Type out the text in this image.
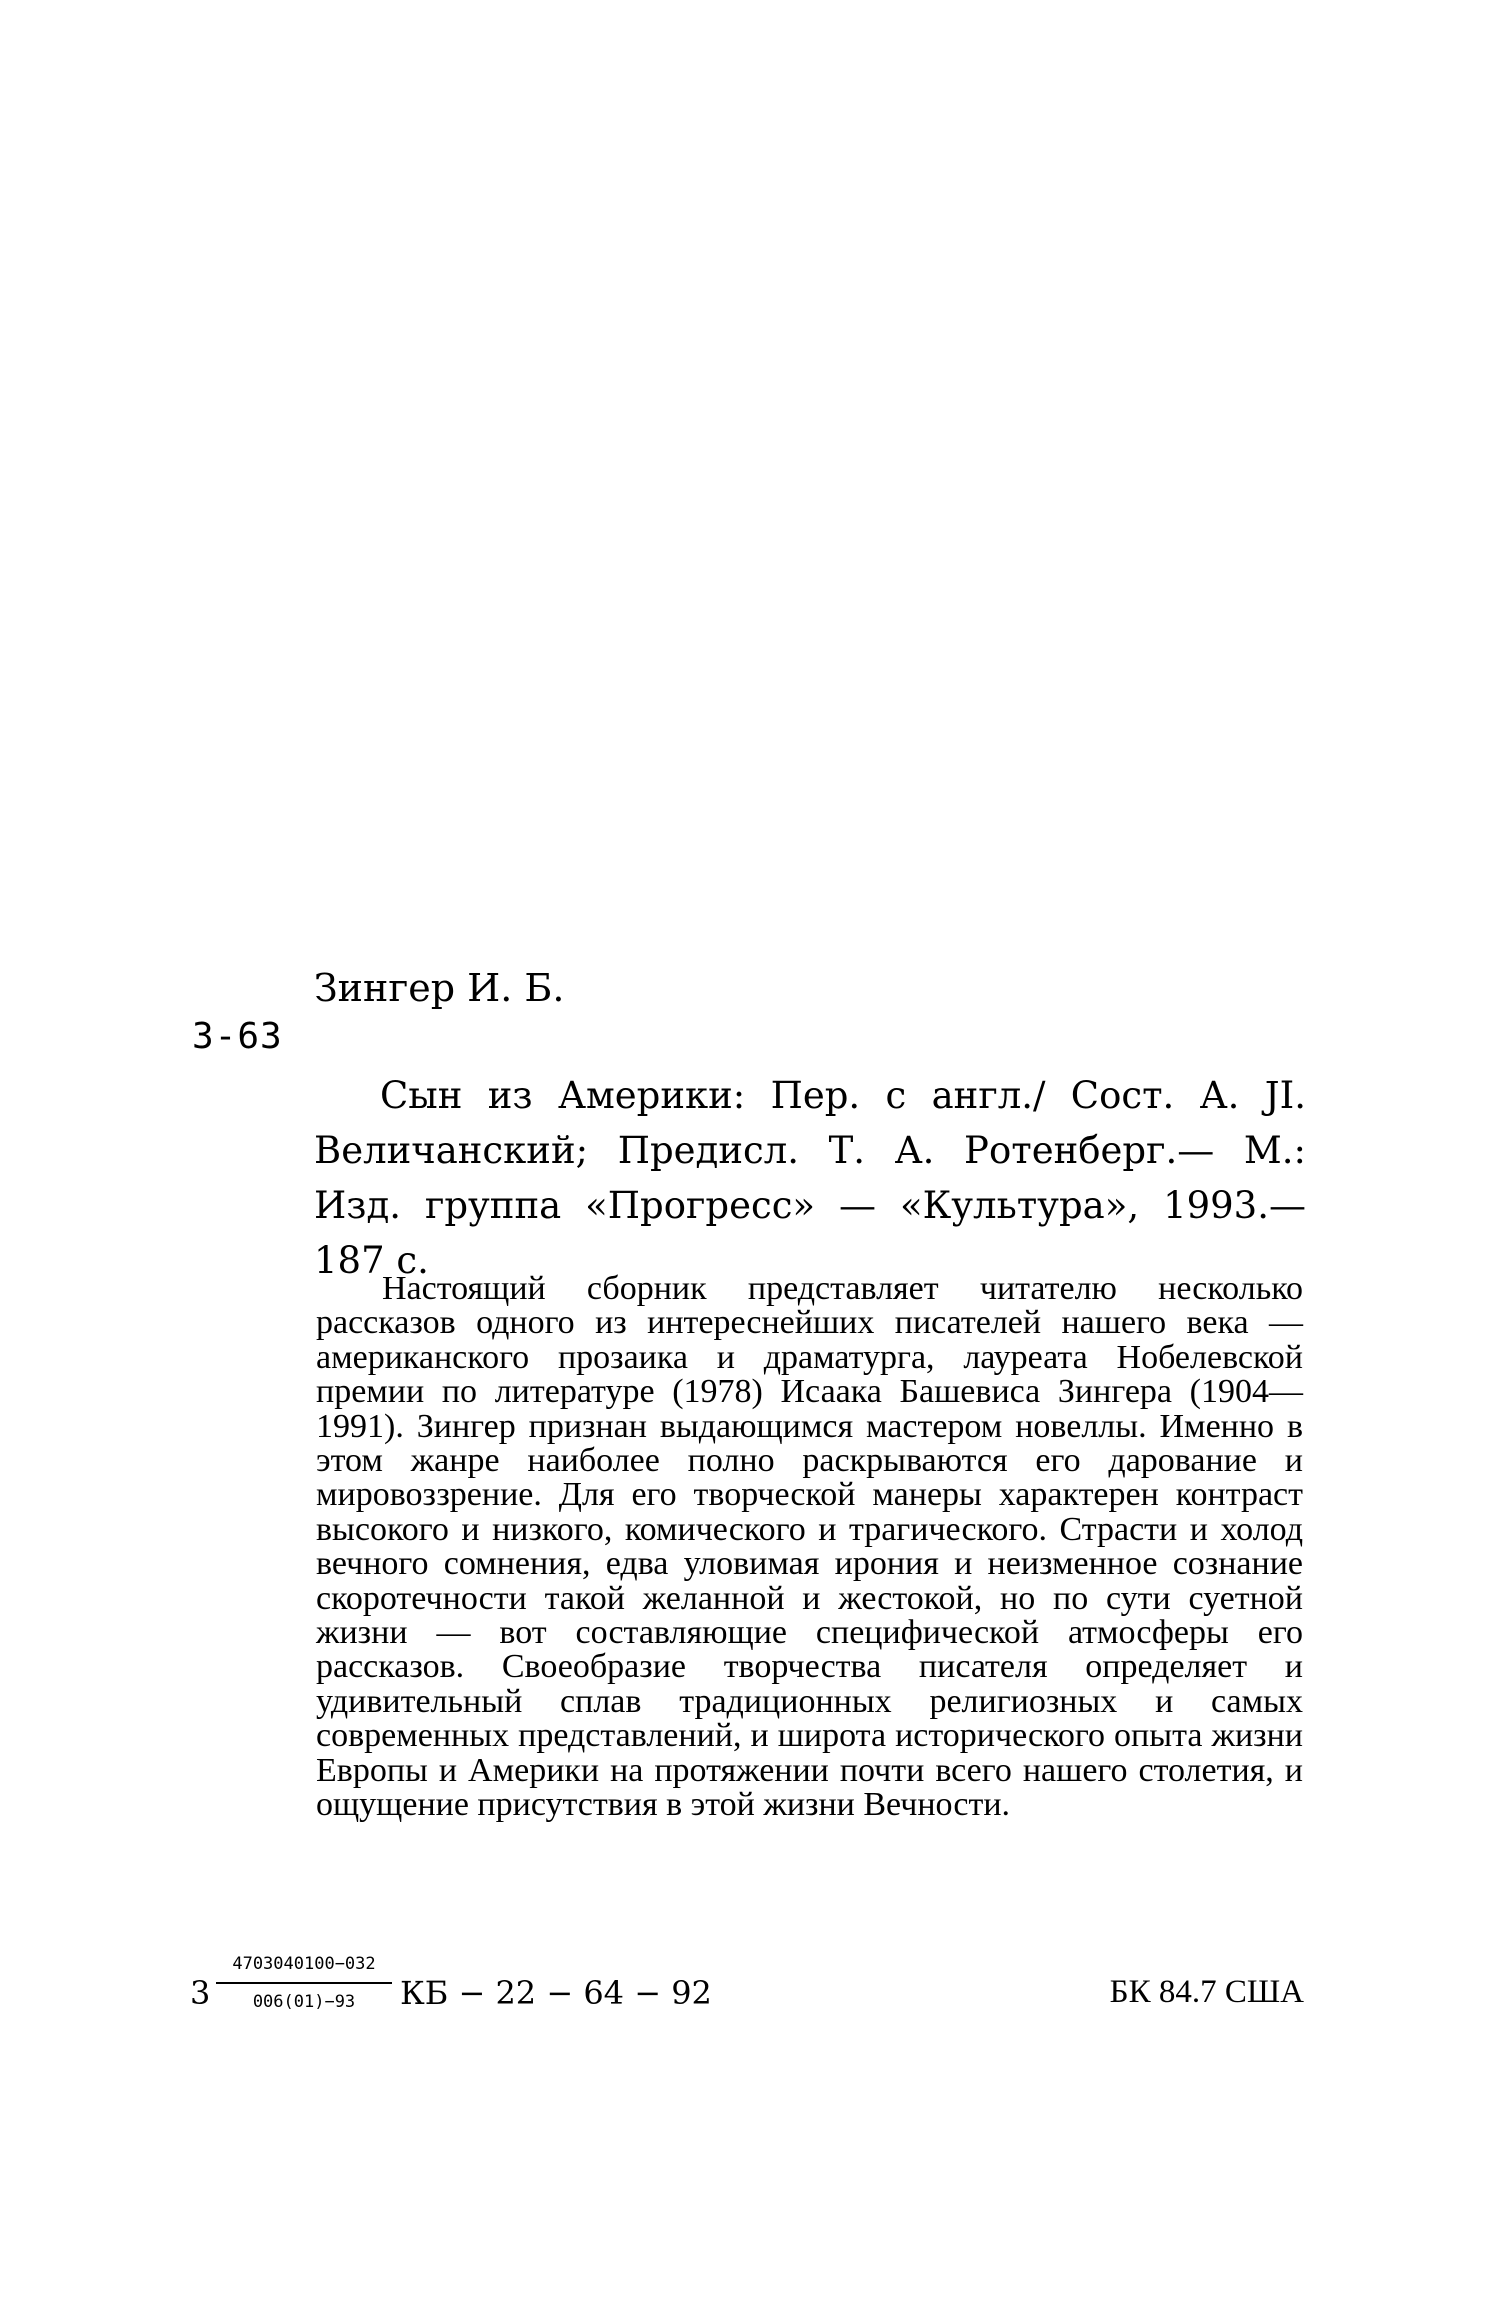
Зингер И. Б.
3-63
Сын из Америки: Пер. с англ./ Сост. А. JI. Величанский; Предисл. Т. А. Ротенберг.— М.: Изд. группа «Прогресс» — «Культура», 1993.— 187 с.
Настоящий сборник представляет читателю несколько рассказов одного из интереснейших писателей нашего века — американского прозаика и драматурга, лауреата Нобелевской премии по литературе (1978) Исаака Башевиса Зингера (1904—1991). Зингер признан выдающимся мастером новеллы. Именно в этом жанре наиболее полно раскрываются его дарование и мировоззрение. Для его творческой манеры характерен контраст высокого и низкого, комического и трагического. Страсти и холод вечного сомнения, едва уловимая ирония и неизменное сознание скоротечности такой желанной и жестокой, но по сути суетной жизни — вот составляющие специфической атмосферы его рассказов. Своеобразие творчества писателя определяет и удивительный сплав традиционных религиозных и самых современных представлений, и широта исторического опыта жизни Европы и Америки на протяжении почти всего нашего столетия, и ощущение присутствия в этой жизни Вечности.
3
4703040100−032
006(01)−93	КБ − 22 − 64 − 92	БК 84.7 США
